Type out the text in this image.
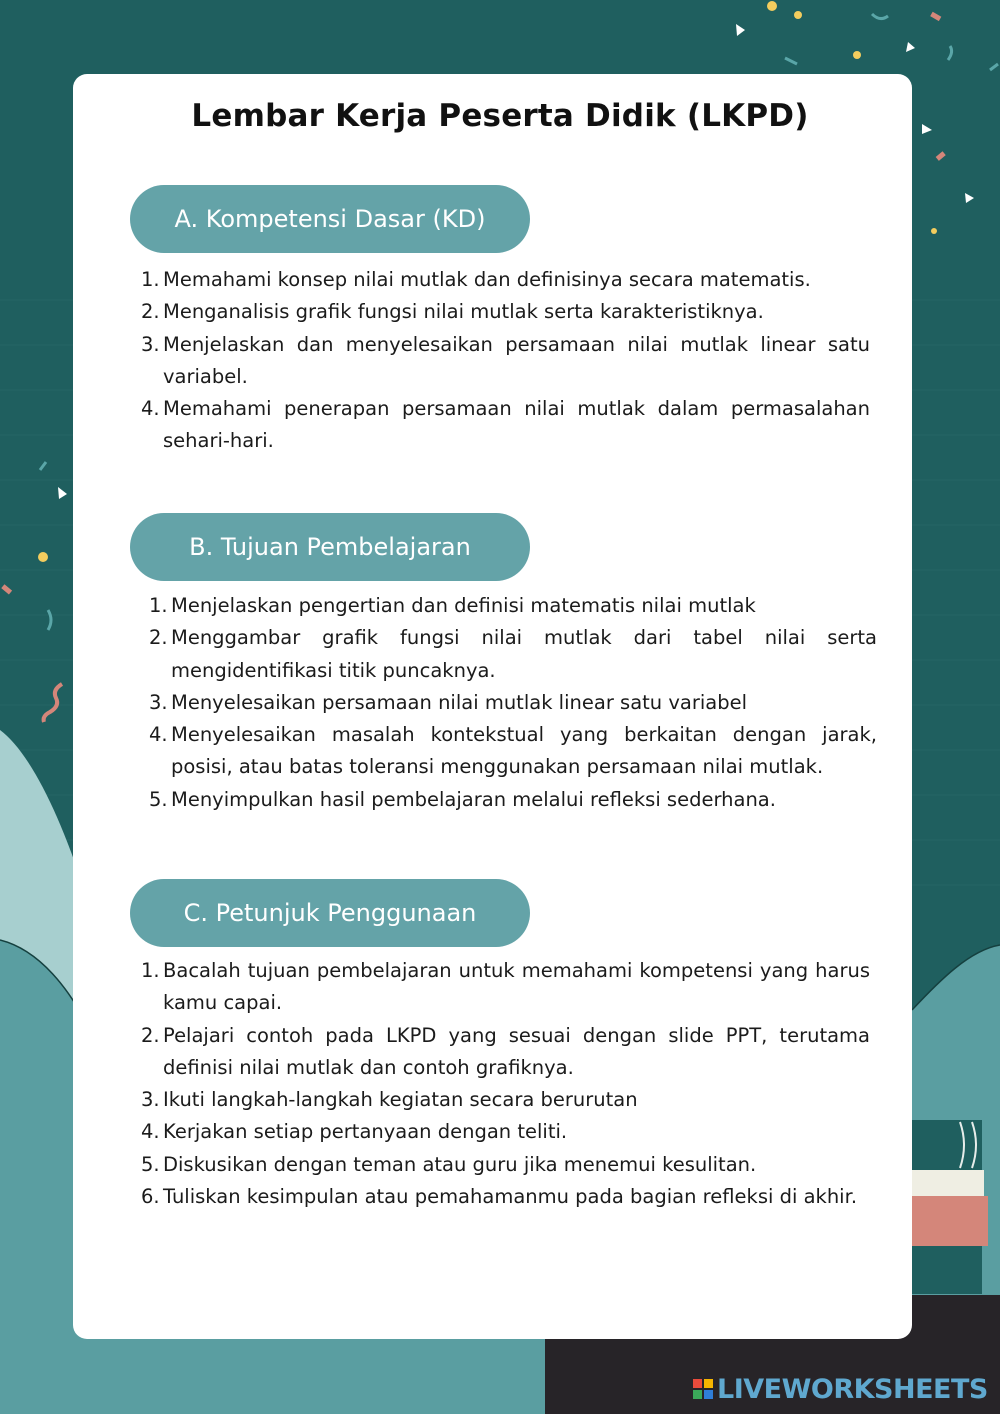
Lembar Kerja Peserta Didik (LKPD)
A. Kompetensi Dasar (KD)
1. Memahami konsep nilai mutlak dan definisinya secara matematis.
2. Menganalisis grafik fungsi nilai mutlak serta karakteristiknya.
3. Menjelaskan dan menyelesaikan persamaan nilai mutlak linear satu variabel.
4. Memahami penerapan persamaan nilai mutlak dalam permasalahan sehari-hari.
B. Tujuan Pembelajaran
1. Menjelaskan pengertian dan definisi matematis nilai mutlak
2. Menggambar grafik fungsi nilai mutlak dari tabel nilai serta mengidentifikasi titik puncaknya.
3. Menyelesaikan persamaan nilai mutlak linear satu variabel
4. Menyelesaikan masalah kontekstual yang berkaitan dengan jarak, posisi, atau batas toleransi menggunakan persamaan nilai mutlak.
5. Menyimpulkan hasil pembelajaran melalui refleksi sederhana.
C. Petunjuk Penggunaan
1. Bacalah tujuan pembelajaran untuk memahami kompetensi yang harus kamu capai.
2. Pelajari contoh pada LKPD yang sesuai dengan slide PPT, terutama definisi nilai mutlak dan contoh grafiknya.
3. Ikuti langkah-langkah kegiatan secara berurutan
4. Kerjakan setiap pertanyaan dengan teliti.
5. Diskusikan dengan teman atau guru jika menemui kesulitan.
6. Tuliskan kesimpulan atau pemahamanmu pada bagian refleksi di akhir.
LIVEWORKSHEETS
